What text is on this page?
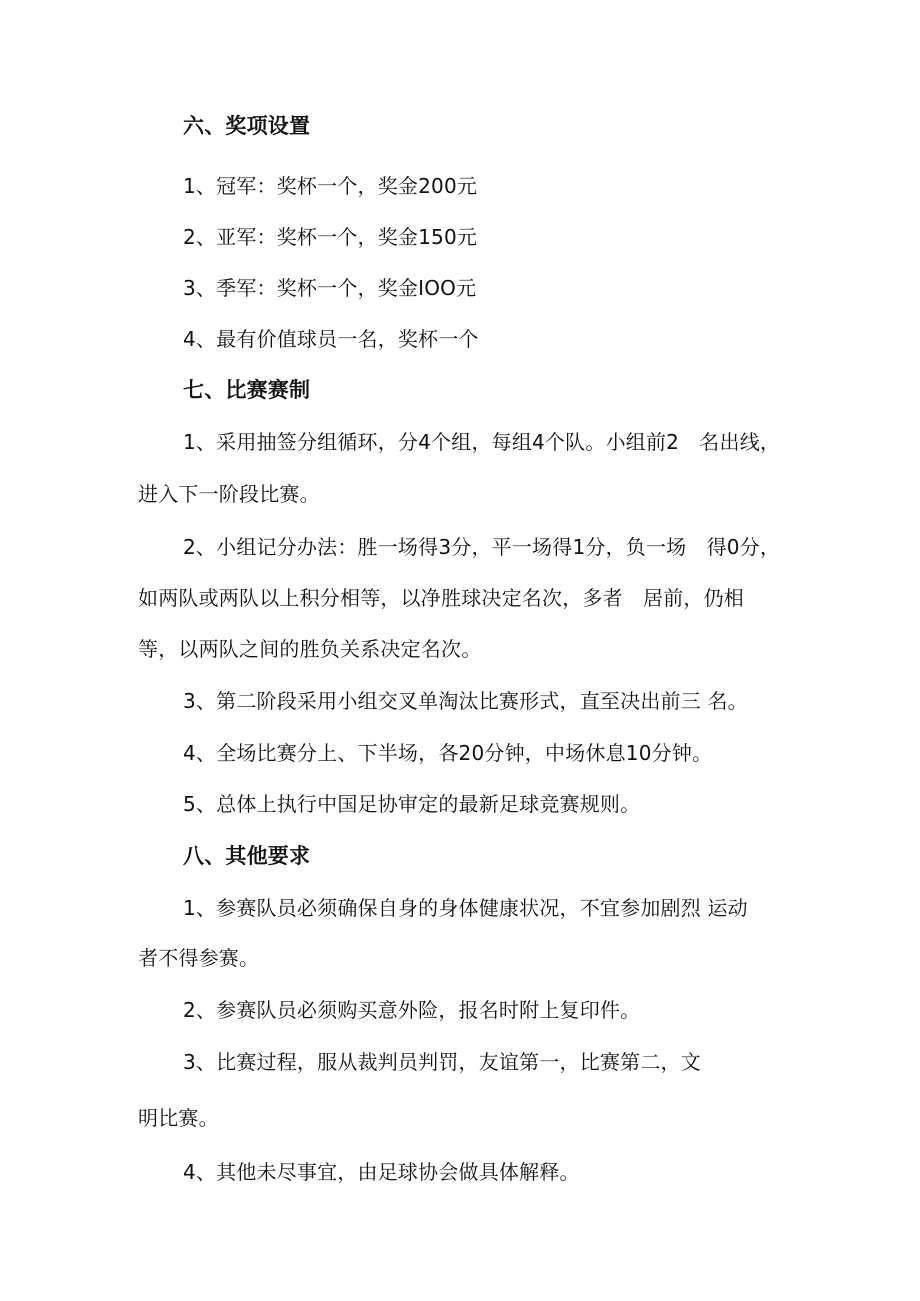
六、奖项设置
1、冠军：奖杯一个，奖金200元
2、亚军：奖杯一个，奖金150元
3、季军：奖杯一个，奖金IOO元
4、最有价值球员一名，奖杯一个
七、比赛赛制
1、采用抽签分组循环，分4个组，每组4个队。小组前2　名出线，
进入下一阶段比赛。
2、小组记分办法：胜一场得3分，平一场得1分，负一场　得0分，
如两队或两队以上积分相等，以净胜球决定名次，多者　居前，仍相
等，以两队之间的胜负关系决定名次。
3、第二阶段采用小组交叉单淘汰比赛形式，直至决出前三 名。
4、全场比赛分上、下半场，各20分钟，中场休息10分钟。
5、总体上执行中国足协审定的最新足球竞赛规则。
八、其他要求
1、参赛队员必须确保自身的身体健康状况，不宜参加剧烈 运动
者不得参赛。
2、参赛队员必须购买意外险，报名时附上复印件。
3、比赛过程，服从裁判员判罚，友谊第一，比赛第二，文
明比赛。
4、其他未尽事宜，由足球协会做具体解释。
